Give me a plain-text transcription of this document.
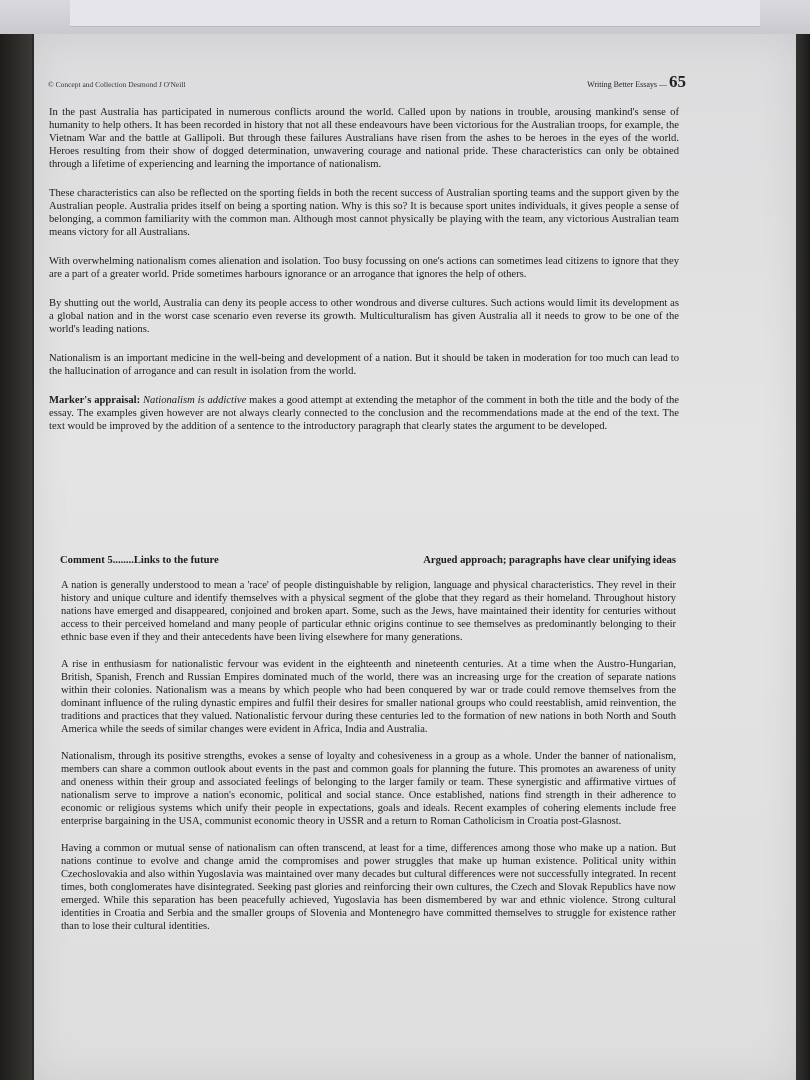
© Concept and Collection Desmond J O'Neill	Writing Better Essays — 65

In the past Australia has participated in numerous conflicts around the world. Called upon by nations in trouble, arousing mankind's sense of humanity to help others. It has been recorded in history that not all these endeavours have been victorious for the Australian troops, for example, the Vietnam War and the battle at Gallipoli. But through these failures Australians have risen from the ashes to be heroes in the eyes of the world. Heroes resulting from their show of dogged determination, unwavering courage and national pride. These characteristics can only be obtained through a lifetime of experiencing and learning the importance of nationalism.

These characteristics can also be reflected on the sporting fields in both the recent success of Australian sporting teams and the support given by the Australian people. Australia prides itself on being a sporting nation. Why is this so? It is because sport unites individuals, it gives people a sense of belonging, a common familiarity with the common man. Although most cannot physically be playing with the team, any victorious Australian team means victory for all Australians.

With overwhelming nationalism comes alienation and isolation. Too busy focussing on one's actions can sometimes lead citizens to ignore that they are a part of a greater world. Pride sometimes harbours ignorance or an arrogance that ignores the help of others.

By shutting out the world, Australia can deny its people access to other wondrous and diverse cultures. Such actions would limit its development as a global nation and in the worst case scenario even reverse its growth. Multiculturalism has given Australia all it needs to grow to be one of the world's leading nations.

Nationalism is an important medicine in the well-being and development of a nation. But it should be taken in moderation for too much can lead to the hallucination of arrogance and can result in isolation from the world.

Marker's appraisal: Nationalism is addictive makes a good attempt at extending the metaphor of the comment in both the title and the body of the essay. The examples given however are not always clearly connected to the conclusion and the recommendations made at the end of the text. The text would be improved by the addition of a sentence to the introductory paragraph that clearly states the argument to be developed.

Comment 5........Links to the future	Argued approach; paragraphs have clear unifying ideas

A nation is generally understood to mean a 'race' of people distinguishable by religion, language and physical characteristics. They revel in their history and unique culture and identify themselves with a physical segment of the globe that they regard as their homeland. Throughout history nations have emerged and disappeared, conjoined and broken apart. Some, such as the Jews, have maintained their identity for centuries without access to their perceived homeland and many people of particular ethnic origins continue to see themselves as predominantly belonging to their ethnic base even if they and their antecedents have been living elsewhere for many generations.

A rise in enthusiasm for nationalistic fervour was evident in the eighteenth and nineteenth centuries. At a time when the Austro-Hungarian, British, Spanish, French and Russian Empires dominated much of the world, there was an increasing urge for the creation of separate nations within their colonies. Nationalism was a means by which people who had been conquered by war or trade could remove themselves from the dominant influence of the ruling dynastic empires and fulfil their desires for smaller national groups who could reestablish, amid reinvention, the traditions and practices that they valued. Nationalistic fervour during these centuries led to the formation of new nations in both North and South America while the seeds of similar changes were evident in Africa, India and Australia.

Nationalism, through its positive strengths, evokes a sense of loyalty and cohesiveness in a group as a whole. Under the banner of nationalism, members can share a common outlook about events in the past and common goals for planning the future. This promotes an awareness of unity and oneness within their group and associated feelings of belonging to the larger family or team. These synergistic and affirmative virtues of nationalism serve to improve a nation's economic, political and social stance. Once established, nations find strength in their adherence to economic or religious systems which unify their people in expectations, goals and ideals. Recent examples of cohering elements include free enterprise bargaining in the USA, communist economic theory in USSR and a return to Roman Catholicism in Croatia post-Glasnost.

Having a common or mutual sense of nationalism can often transcend, at least for a time, differences among those who make up a nation. But nations continue to evolve and change amid the compromises and power struggles that make up human existence. Political unity within Czechoslovakia and also within Yugoslavia was maintained over many decades but cultural differences were not successfully integrated. In recent times, both conglomerates have disintegrated. Seeking past glories and reinforcing their own cultures, the Czech and Slovak Republics have now emerged. While this separation has been peacefully achieved, Yugoslavia has been dismembered by war and ethnic violence. Strong cultural identities in Croatia and Serbia and the smaller groups of Slovenia and Montenegro have committed themselves to struggle for existence rather than to lose their cultural identities.
